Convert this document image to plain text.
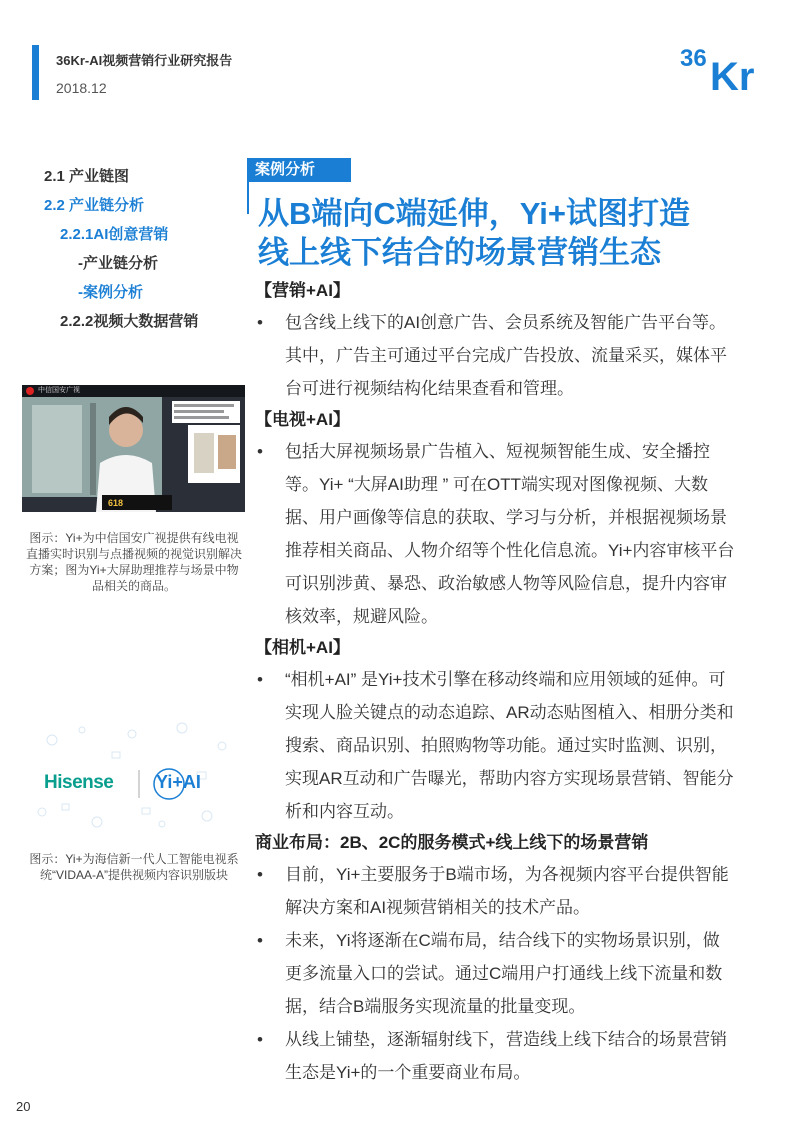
36Kr-AI视频营销行业研究报告
2018.12
36 Kr
2.1 产业链图
2.2 产业链分析
2.2.1AI创意营销
-产业链分析
-案例分析
2.2.2视频大数据营销
618
中信国安广视
图示：Yi+为中信国安广视提供有线电视直播实时识别与点播视频的视觉识别解决方案；图为Yi+大屏助理推荐与场景中物品相关的商品。
Hisense Yi+AI
图示：Yi+为海信新一代人工智能电视系统“VIDAA-A”提供视频内容识别版块
案例分析
从B端向C端延伸，Yi+试图打造
线上线下结合的场景营销生态

【营销+AI】

• 包含线上线下的AI创意广告、会员系统及智能广告平台等。其中，广告主可通过平台完成广告投放、流量采买，媒体平台可进行视频结构化结果查看和管理。

【电视+AI】

• 包括大屏视频场景广告植入、短视频智能生成、安全播控等。Yi+ “大屏AI助理 ” 可在OTT端实现对图像视频、大数据、用户画像等信息的获取、学习与分析，并根据视频场景推荐相关商品、人物介绍等个性化信息流。Yi+内容审核平台可识别涉黄、暴恐、政治敏感人物等风险信息，提升内容审核效率，规避风险。

【相机+AI】

• “相机+AI” 是Yi+技术引擎在移动终端和应用领域的延伸。可实现人脸关键点的动态追踪、AR动态贴图植入、相册分类和搜索、商品识别、拍照购物等功能。通过实时监测、识别，实现AR互动和广告曝光，帮助内容方实现场景营销、智能分析和内容互动。

商业布局：2B、2C的服务模式+线上线下的场景营销

• 目前，Yi+主要服务于B端市场，为各视频内容平台提供智能解决方案和AI视频营销相关的技术产品。

• 未来，Yi将逐渐在C端布局，结合线下的实物场景识别，做更多流量入口的尝试。通过C端用户打通线上线下流量和数据，结合B端服务实现流量的批量变现。

• 从线上铺垫，逐渐辐射线下，营造线上线下结合的场景营销生态是Yi+的一个重要商业布局。

20
